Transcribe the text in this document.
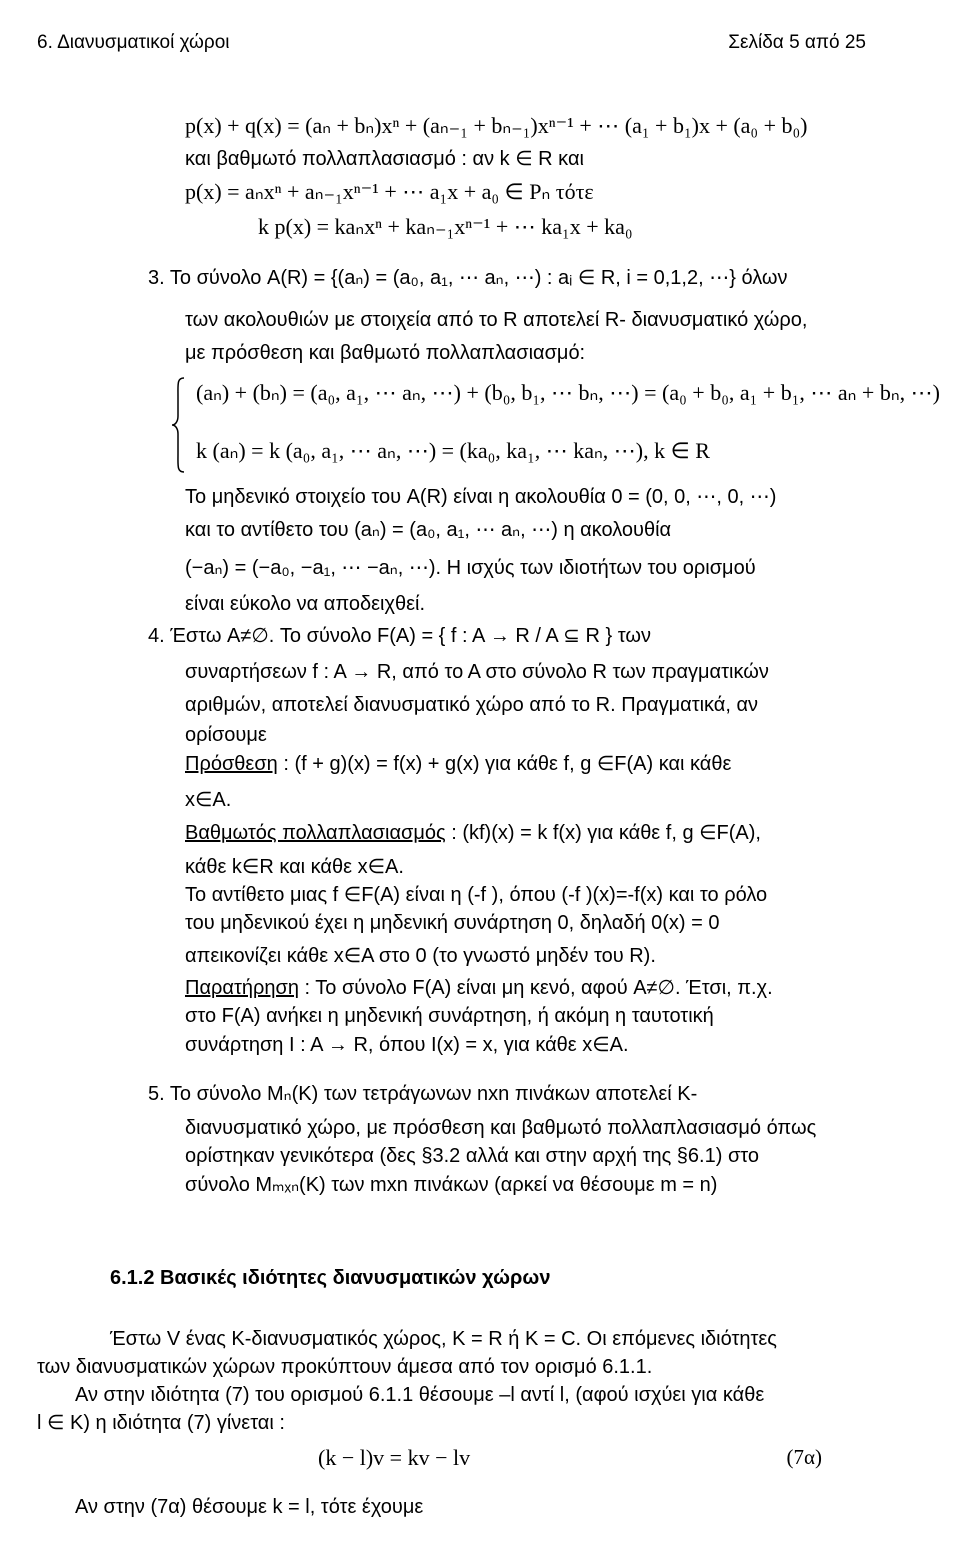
6. Διανυσματικοί χώροι	Σελίδα 5 από 25
p(x) + q(x) = (aₙ + bₙ)xⁿ + (aₙ₋₁ + bₙ₋₁)xⁿ⁻¹ + ⋯ (a₁ + b₁)x + (a₀ + b₀)
και βαθμωτό πολλαπλασιασμό : αν k ∈ R και
p(x) = aₙxⁿ + aₙ₋₁xⁿ⁻¹ + ⋯ a₁x + a₀ ∈ Pₙ τότε
k p(x) = kaₙxⁿ + kaₙ₋₁xⁿ⁻¹ + ⋯ ka₁x + ka₀
3. Το σύνολο A(R) = {(aₙ) = (a₀, a₁, ⋯ aₙ, ⋯) : aᵢ ∈ R, i = 0,1,2, ⋯} όλων
των ακολουθιών με στοιχεία από το R αποτελεί R- διανυσματικό χώρο,
με πρόσθεση και βαθμωτό πολλαπλασιασμό:
(aₙ) + (bₙ) = (a₀, a₁, ⋯ aₙ, ⋯) + (b₀, b₁, ⋯ bₙ, ⋯) = (a₀ + b₀, a₁ + b₁, ⋯ aₙ + bₙ, ⋯)
k (aₙ) = k (a₀, a₁, ⋯ aₙ, ⋯) = (ka₀, ka₁, ⋯ kaₙ, ⋯), k ∈ R
Το μηδενικό στοιχείο του A(R) είναι η ακολουθία 0 = (0, 0, ⋯, 0, ⋯)
και το αντίθετο του (aₙ) = (a₀, a₁, ⋯ aₙ, ⋯) η ακολουθία
(−aₙ) = (−a₀, −a₁, ⋯ −aₙ, ⋯). Η ισχύς των ιδιοτήτων του ορισμού
είναι εύκολο να αποδειχθεί.
4. Έστω A≠∅. Το σύνολο F(A) = { f : A → R / A ⊆ R } των
συναρτήσεων f : A → R, από το Α στο σύνολο R των πραγματικών
αριθμών, αποτελεί διανυσματικό χώρο από το R. Πραγματικά, αν
ορίσουμε
Πρόσθεση : (f + g)(x) = f(x) + g(x) για κάθε f, g ∈F(A) και κάθε
x∈A.
Βαθμωτός πολλαπλασιασμός : (kf)(x) = k f(x) για κάθε f, g ∈F(A),
κάθε k∈R και κάθε x∈A.
Το αντίθετο μιας f ∈F(A) είναι η (-f ), όπου (-f )(x)=-f(x) και το ρόλο
του μηδενικού έχει η μηδενική συνάρτηση 0, δηλαδή 0(x) = 0
απεικονίζει κάθε x∈A στο 0 (το γνωστό μηδέν του R).
Παρατήρηση : Το σύνολο F(A) είναι μη κενό, αφού A≠∅. Έτσι, π.χ.
στο F(A) ανήκει η μηδενική συνάρτηση, ή ακόμη η ταυτοτική
συνάρτηση I : A → R, όπου I(x) = x, για κάθε x∈A.
5. Το σύνολο Mₙ(K) των τετράγωνων nxn πινάκων αποτελεί K-
διανυσματικό χώρο, με πρόσθεση και βαθμωτό πολλαπλασιασμό όπως
ορίστηκαν γενικότερα (δες §3.2 αλλά και στην αρχή της §6.1) στο
σύνολο Mₘₓₙ(K) των mxn πινάκων (αρκεί να θέσουμε m = n)
6.1.2 Βασικές ιδιότητες διανυσματικών χώρων
Έστω V ένας K-διανυσματικός χώρος, K = R ή K = C. Οι επόμενες ιδιότητες
των διανυσματικών χώρων προκύπτουν άμεσα από τον ορισμό 6.1.1.
Αν στην ιδιότητα (7) του ορισμού 6.1.1 θέσουμε –l αντί l, (αφού ισχύει για κάθε
l ∈ K) η ιδιότητα (7) γίνεται :
(k − l)v = kv − lv	(7α)
Αν στην (7α) θέσουμε k = l, τότε έχουμε
